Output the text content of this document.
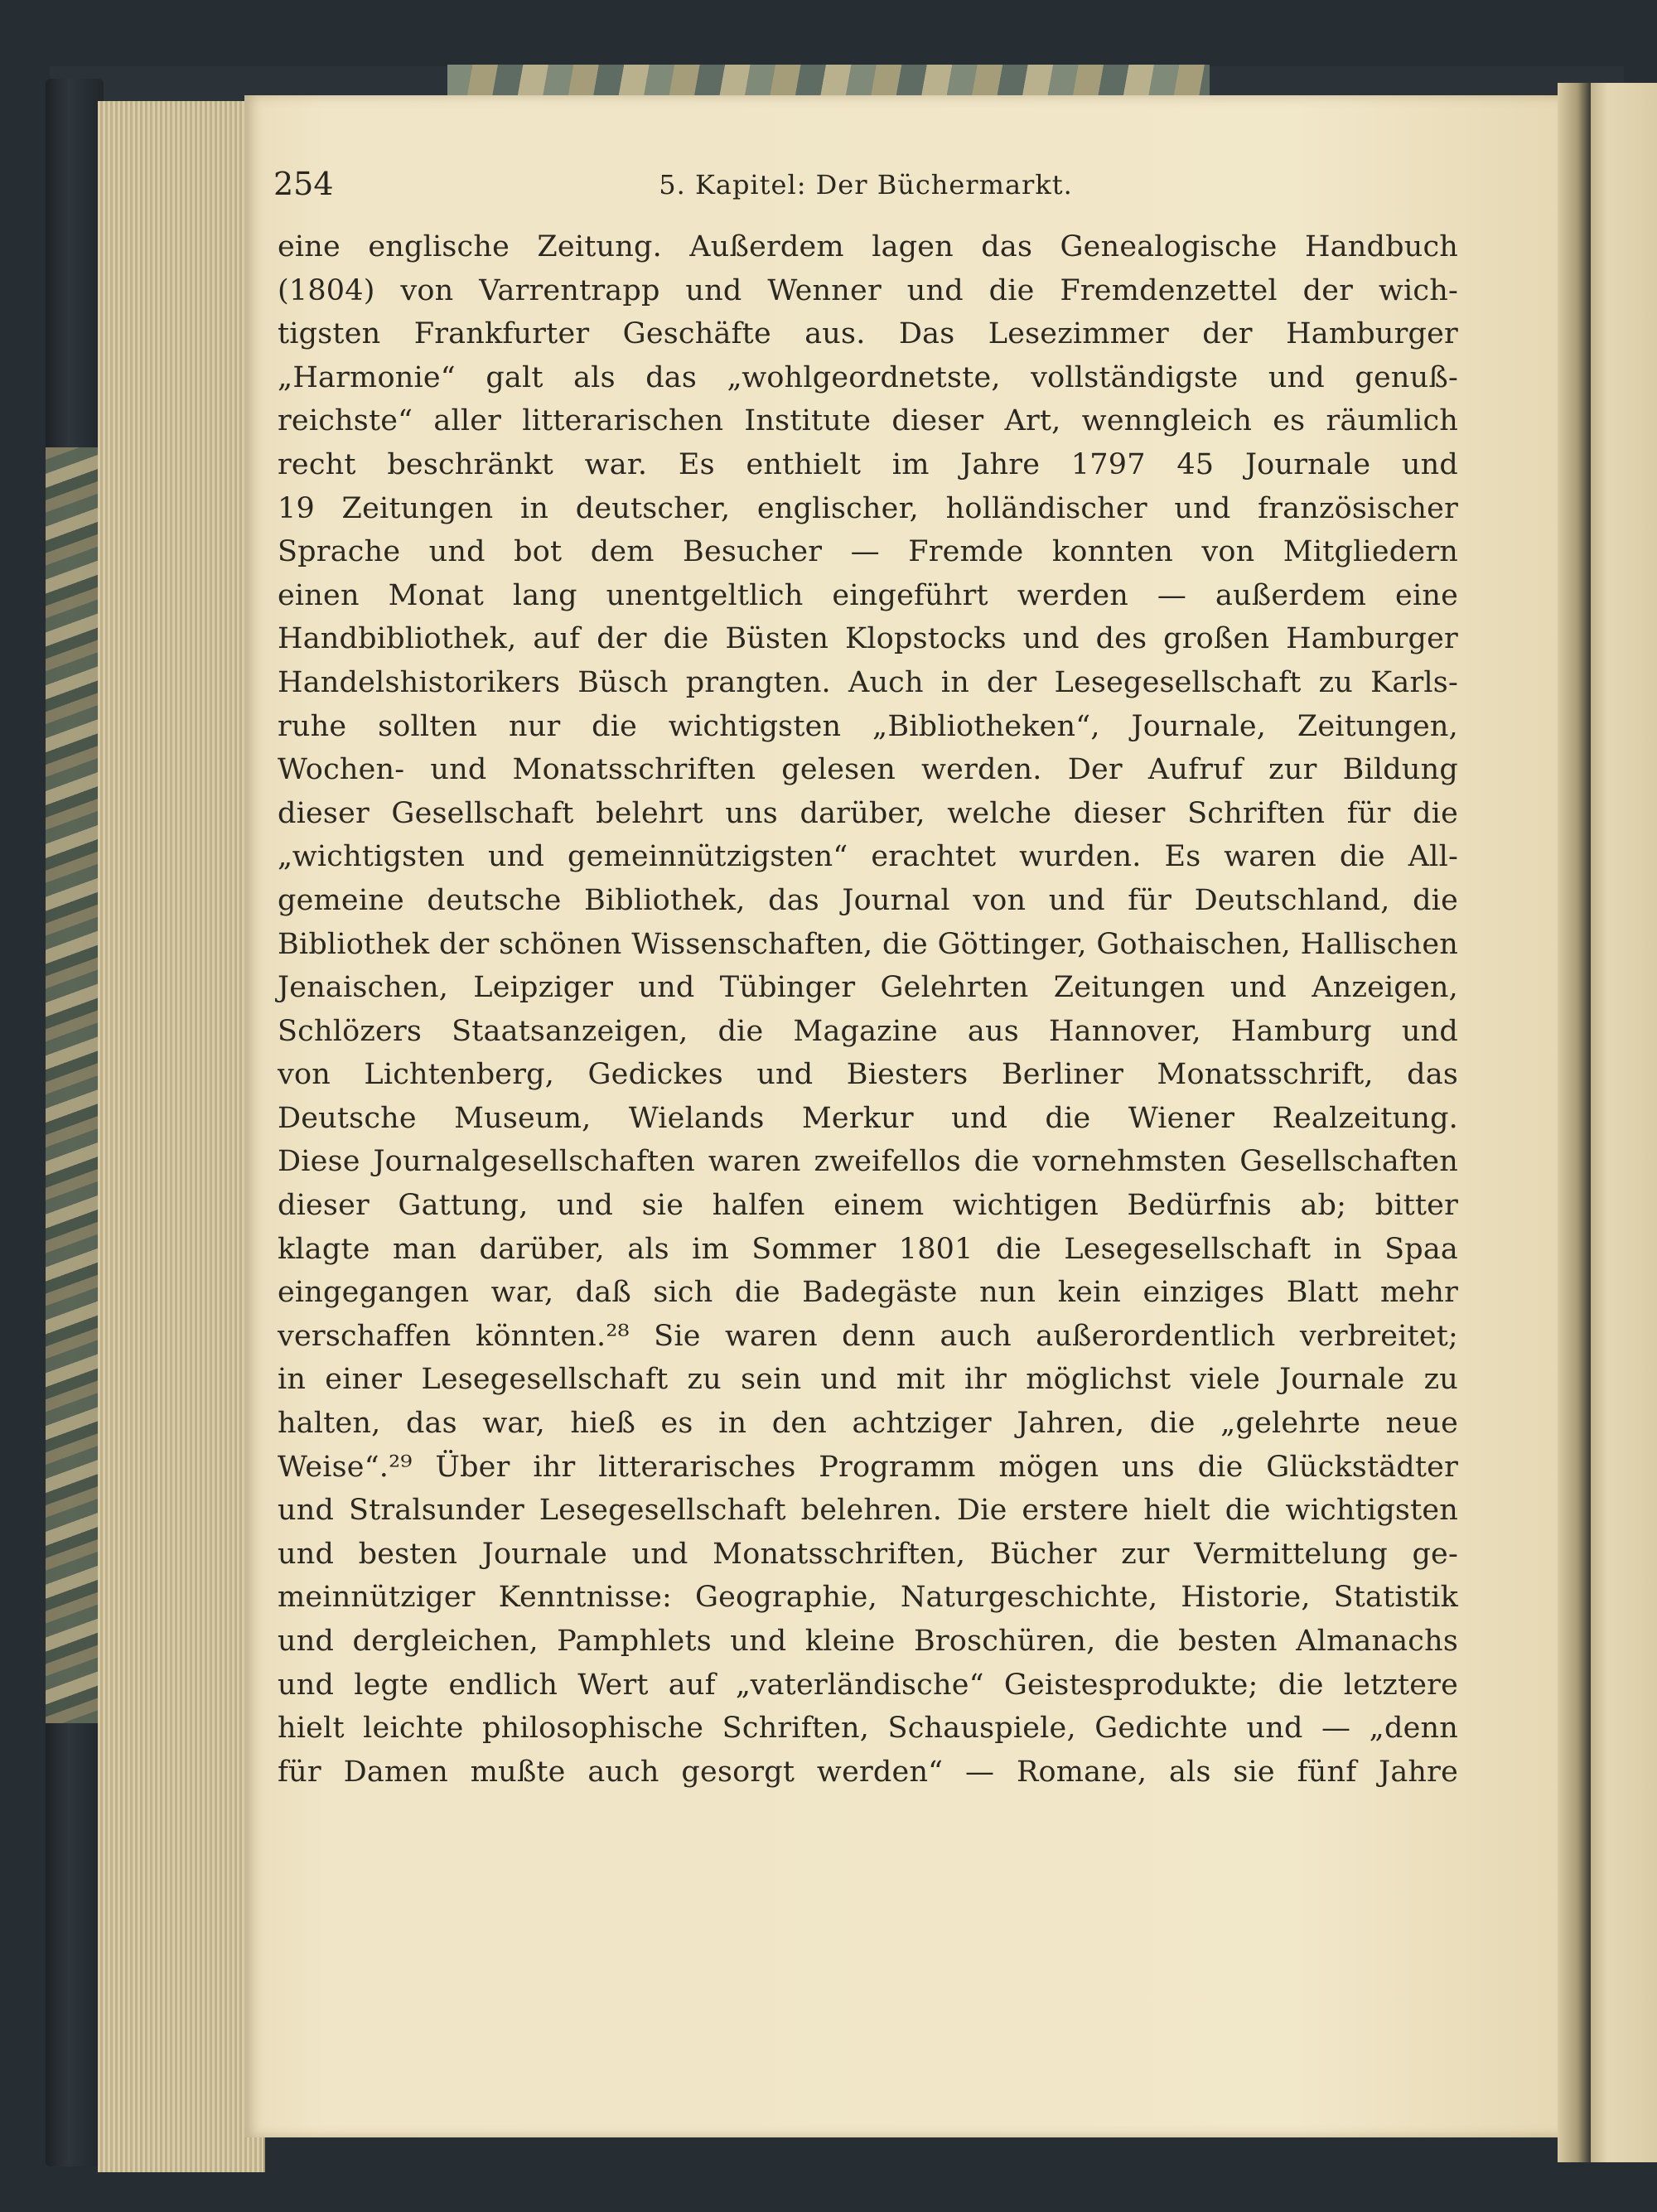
254	5. Kapitel: Der Büchermarkt.
eine englische Zeitung. Außerdem lagen das Genealogische Handbuch
(1804) von Varrentrapp und Wenner und die Fremdenzettel der wich-
tigsten Frankfurter Geschäfte aus. Das Lesezimmer der Hamburger
„Harmonie“ galt als das „wohlgeordnetste, vollständigste und genuß-
reichste“ aller litterarischen Institute dieser Art, wenngleich es räumlich
recht beschränkt war. Es enthielt im Jahre 1797 45 Journale und
19 Zeitungen in deutscher, englischer, holländischer und französischer
Sprache und bot dem Besucher — Fremde konnten von Mitgliedern
einen Monat lang unentgeltlich eingeführt werden — außerdem eine
Handbibliothek, auf der die Büsten Klopstocks und des großen Hamburger
Handelshistorikers Büsch prangten. Auch in der Lesegesellschaft zu Karls-
ruhe sollten nur die wichtigsten „Bibliotheken“, Journale, Zeitungen,
Wochen- und Monatsschriften gelesen werden. Der Aufruf zur Bildung
dieser Gesellschaft belehrt uns darüber, welche dieser Schriften für die
„wichtigsten und gemeinnützigsten“ erachtet wurden. Es waren die All-
gemeine deutsche Bibliothek, das Journal von und für Deutschland, die
Bibliothek der schönen Wissenschaften, die Göttinger, Gothaischen, Hallischen
Jenaischen, Leipziger und Tübinger Gelehrten Zeitungen und Anzeigen,
Schlözers Staatsanzeigen, die Magazine aus Hannover, Hamburg und
von Lichtenberg, Gedickes und Biesters Berliner Monatsschrift, das
Deutsche Museum, Wielands Merkur und die Wiener Realzeitung.
Diese Journalgesellschaften waren zweifellos die vornehmsten Gesellschaften
dieser Gattung, und sie halfen einem wichtigen Bedürfnis ab; bitter
klagte man darüber, als im Sommer 1801 die Lesegesellschaft in Spaa
eingegangen war, daß sich die Badegäste nun kein einziges Blatt mehr
verschaffen könnten.²⁸ Sie waren denn auch außerordentlich verbreitet;
in einer Lesegesellschaft zu sein und mit ihr möglichst viele Journale zu
halten, das war, hieß es in den achtziger Jahren, die „gelehrte neue
Weise“.²⁹ Über ihr litterarisches Programm mögen uns die Glückstädter
und Stralsunder Lesegesellschaft belehren. Die erstere hielt die wichtigsten
und besten Journale und Monatsschriften, Bücher zur Vermittelung ge-
meinnütziger Kenntnisse: Geographie, Naturgeschichte, Historie, Statistik
und dergleichen, Pamphlets und kleine Broschüren, die besten Almanachs
und legte endlich Wert auf „vaterländische“ Geistesprodukte; die letztere
hielt leichte philosophische Schriften, Schauspiele, Gedichte und — „denn
für Damen mußte auch gesorgt werden“ — Romane, als sie fünf Jahre
